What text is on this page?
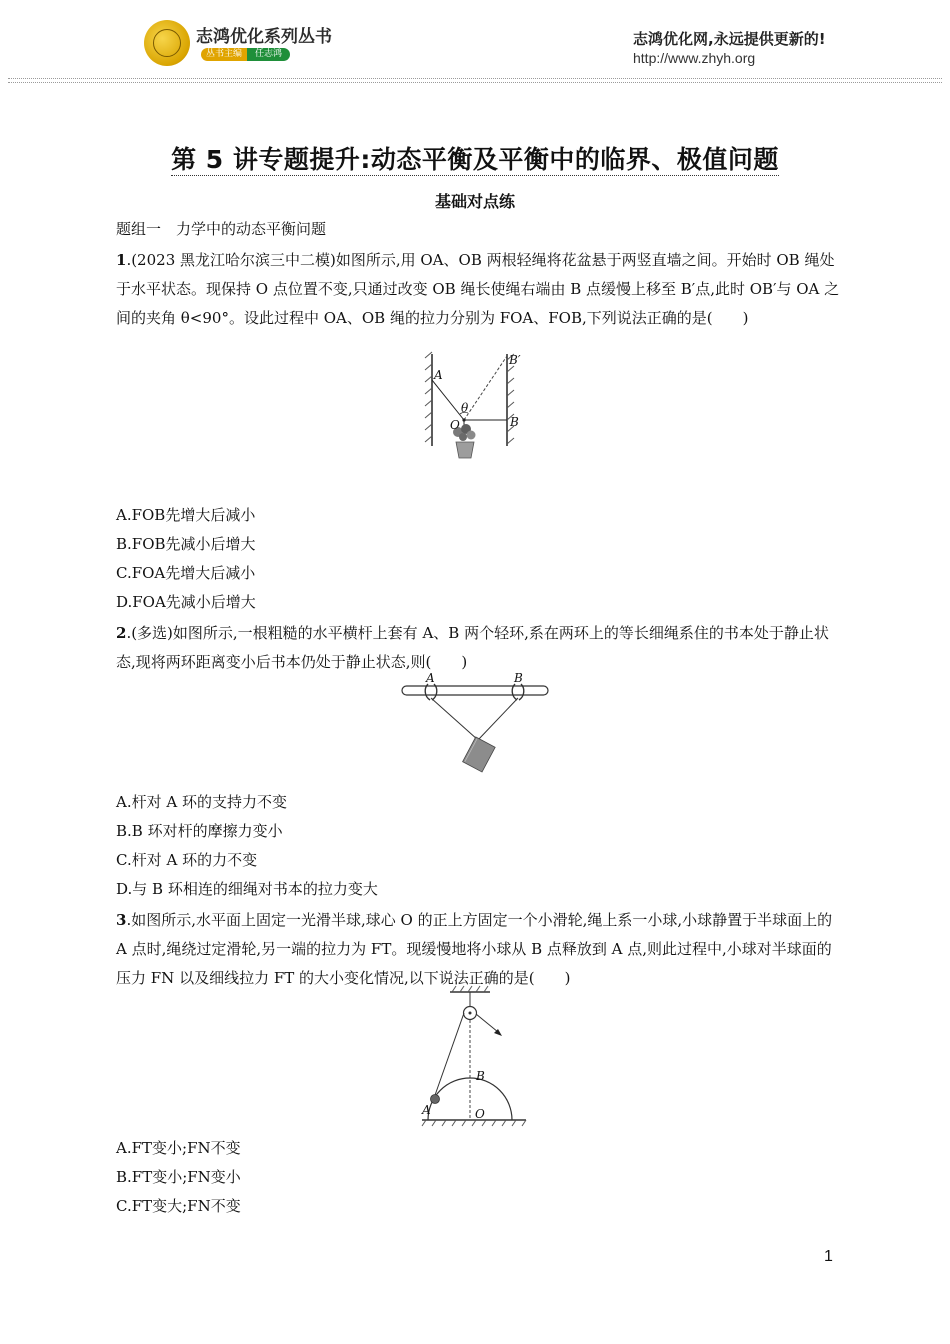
志鸿优化系列丛书
丛书主编	任志鸿
志鸿优化网,永远提供更新的!
http://www.zhyh.org
第 5 讲专题提升:动态平衡及平衡中的临界、极值问题
基础对点练
题组一　力学中的动态平衡问题
1.(2023 黑龙江哈尔滨三中二模)如图所示,用 OA、OB 两根轻绳将花盆悬于两竖直墙之间。开始时 OB 绳处于水平状态。现保持 O 点位置不变,只通过改变 OB 绳长使绳右端由 B 点缓慢上移至 B′点,此时 OB′与 OA 之间的夹角 θ<90°。设此过程中 OA、OB 绳的拉力分别为 FOA、FOB,下列说法正确的是(　　)
A
B′
B
O
θ
A.FOB先增大后减小
B.FOB先减小后增大
C.FOA先增大后减小
D.FOA先减小后增大
2.(多选)如图所示,一根粗糙的水平横杆上套有 A、B 两个轻环,系在两环上的等长细绳系住的书本处于静止状态,现将两环距离变小后书本仍处于静止状态,则(　　)
A	B
A.杆对 A 环的支持力不变
B.B 环对杆的摩擦力变小
C.杆对 A 环的力不变
D.与 B 环相连的细绳对书本的拉力变大
3.如图所示,水平面上固定一光滑半球,球心 O 的正上方固定一个小滑轮,绳上系一小球,小球静置于半球面上的 A 点时,绳绕过定滑轮,另一端的拉力为 FT。现缓慢地将小球从 B 点释放到 A 点,则此过程中,小球对半球面的压力 FN 以及细线拉力 FT 的大小变化情况,以下说法正确的是(　　)
B
A	O
A.FT变小;FN不变
B.FT变小;FN变小
C.FT变大;FN不变
1
